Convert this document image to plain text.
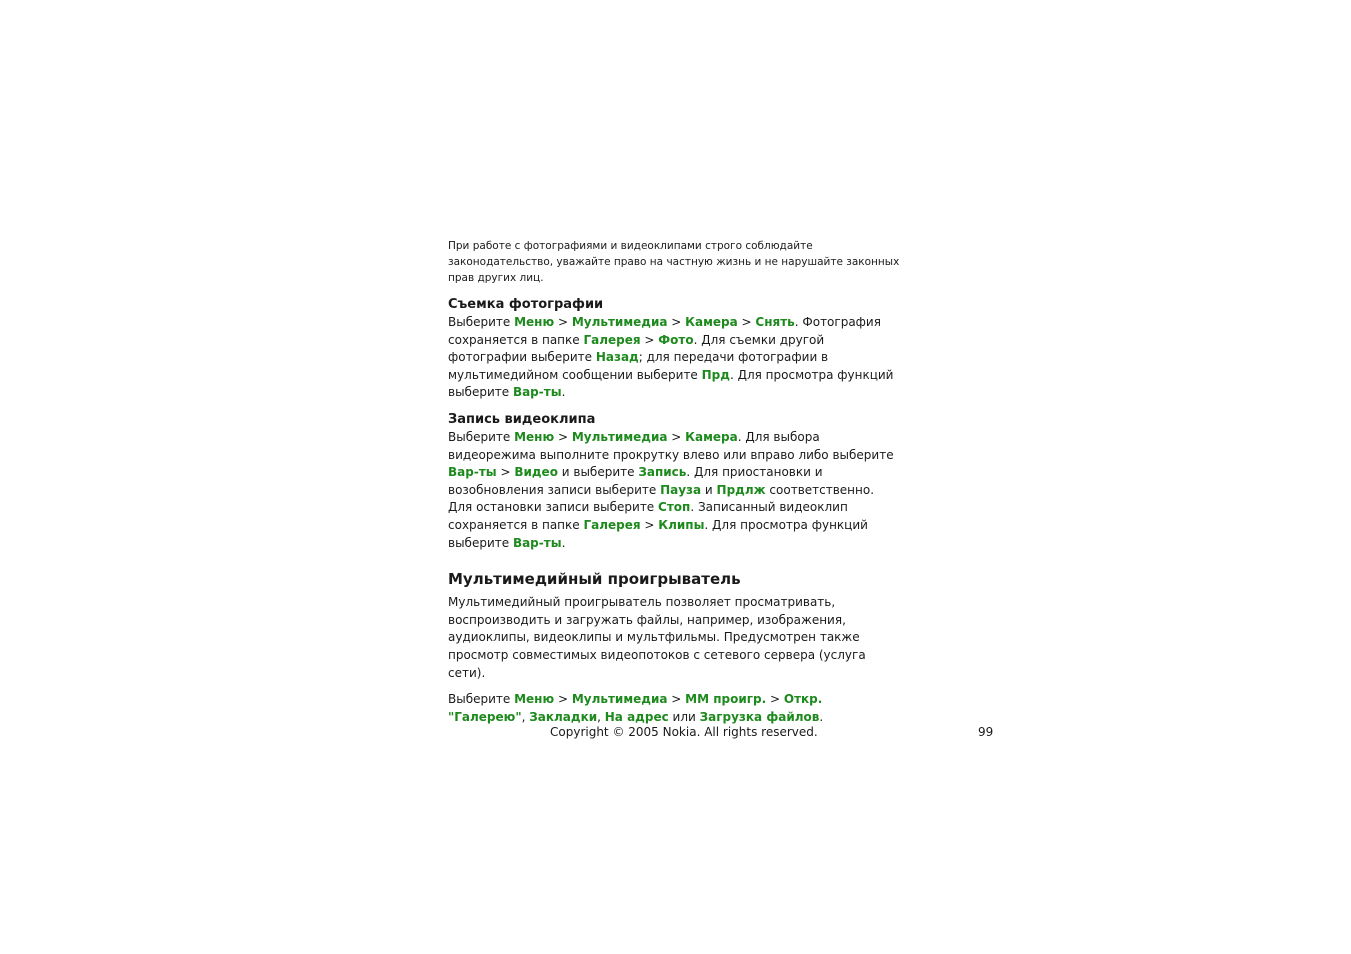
При работе с фотографиями и видеоклипами строго соблюдайте законодательство, уважайте право на частную жизнь и не нарушайте законных прав других лиц.

Съемка фотографии

Выберите Меню > Мультимедиа > Камера > Снять. Фотография сохраняется в папке Галерея > Фото. Для съемки другой фотографии выберите Назад; для передачи фотографии в мультимедийном сообщении выберите Прд. Для просмотра функций выберите Вар-ты.

Запись видеоклипа

Выберите Меню > Мультимедиа > Камера. Для выбора видеорежима выполните прокрутку влево или вправо либо выберите Вар-ты > Видео и выберите Запись. Для приостановки и возобновления записи выберите Пауза и Прдлж соответственно. Для остановки записи выберите Стоп. Записанный видеоклип сохраняется в папке Галерея > Клипы. Для просмотра функций выберите Вар-ты.

Мультимедийный проигрыватель

Мультимедийный проигрыватель позволяет просматривать, воспроизводить и загружать файлы, например, изображения, аудиоклипы, видеоклипы и мультфильмы. Предусмотрен также просмотр совместимых видеопотоков с сетевого сервера (услуга сети).

Выберите Меню > Мультимедиа > ММ проигр. > Откр. "Галерею", Закладки, На адрес или Загрузка файлов.

Copyright © 2005 Nokia. All rights reserved.	99
